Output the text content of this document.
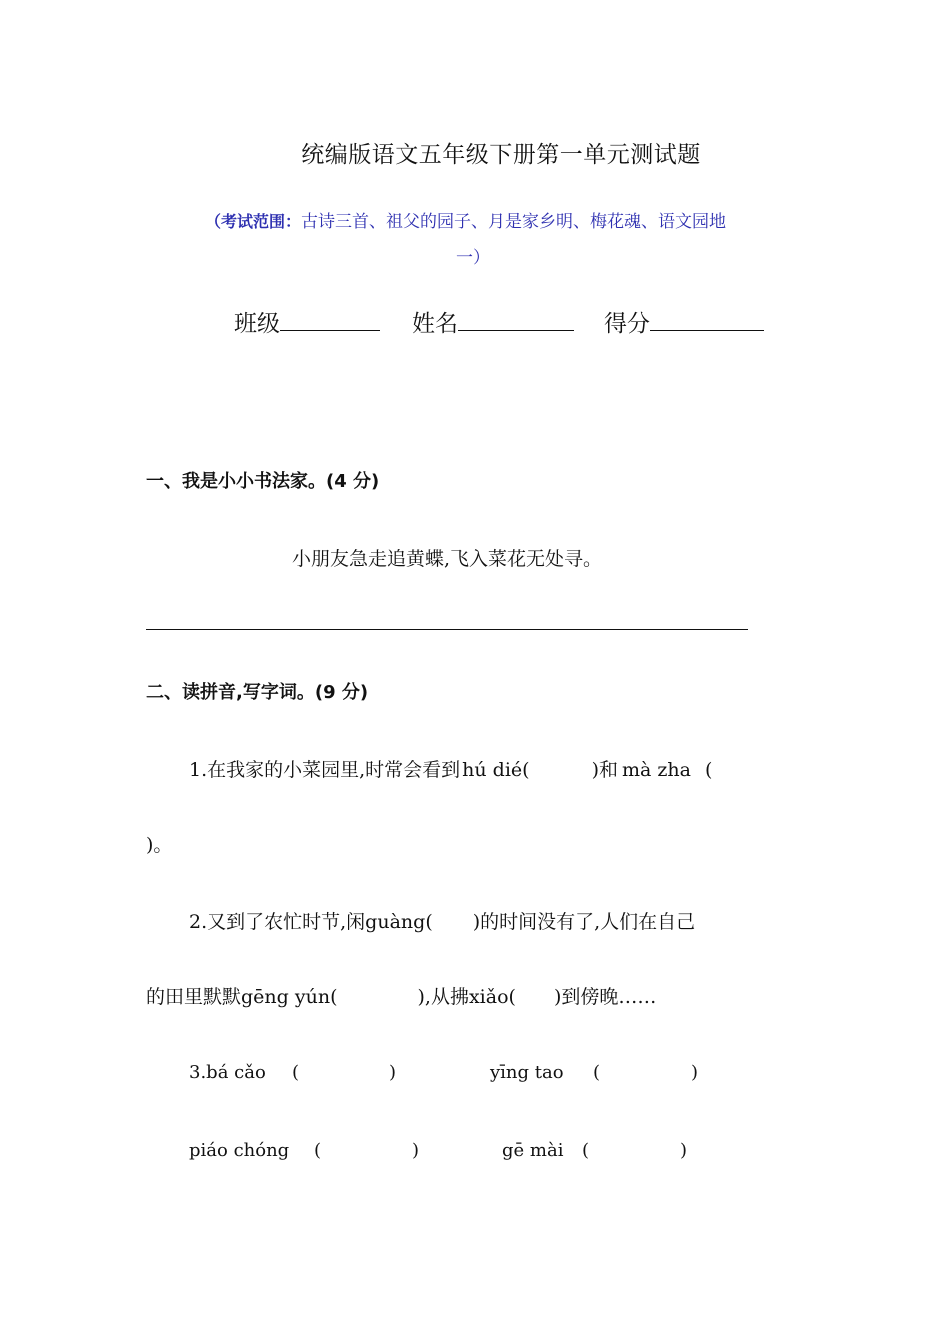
统编版语文五年级下册第一单元测试题
（考试范围：古诗三首、祖父的园子、月是家乡明、梅花魂、语文园地
一）
班级	姓名	得分
一、我是小小书法家。(4 分)
小朋友急走追黄蝶,飞入菜花无处寻。
二、读拼音,写字词。(9 分)
1.在我家的小菜园里,时常会看到 hú dié(	)和 mà zha (
)。
2.又到了农忙时节,闲guàng( )的时间没有了,人们在自己
的田里默默gēng yún(	),从拂xiǎo( )到傍晚……
3.bá cǎo (	)	yīng tao (	)
piáo chóng (	)	gē mài (	)
